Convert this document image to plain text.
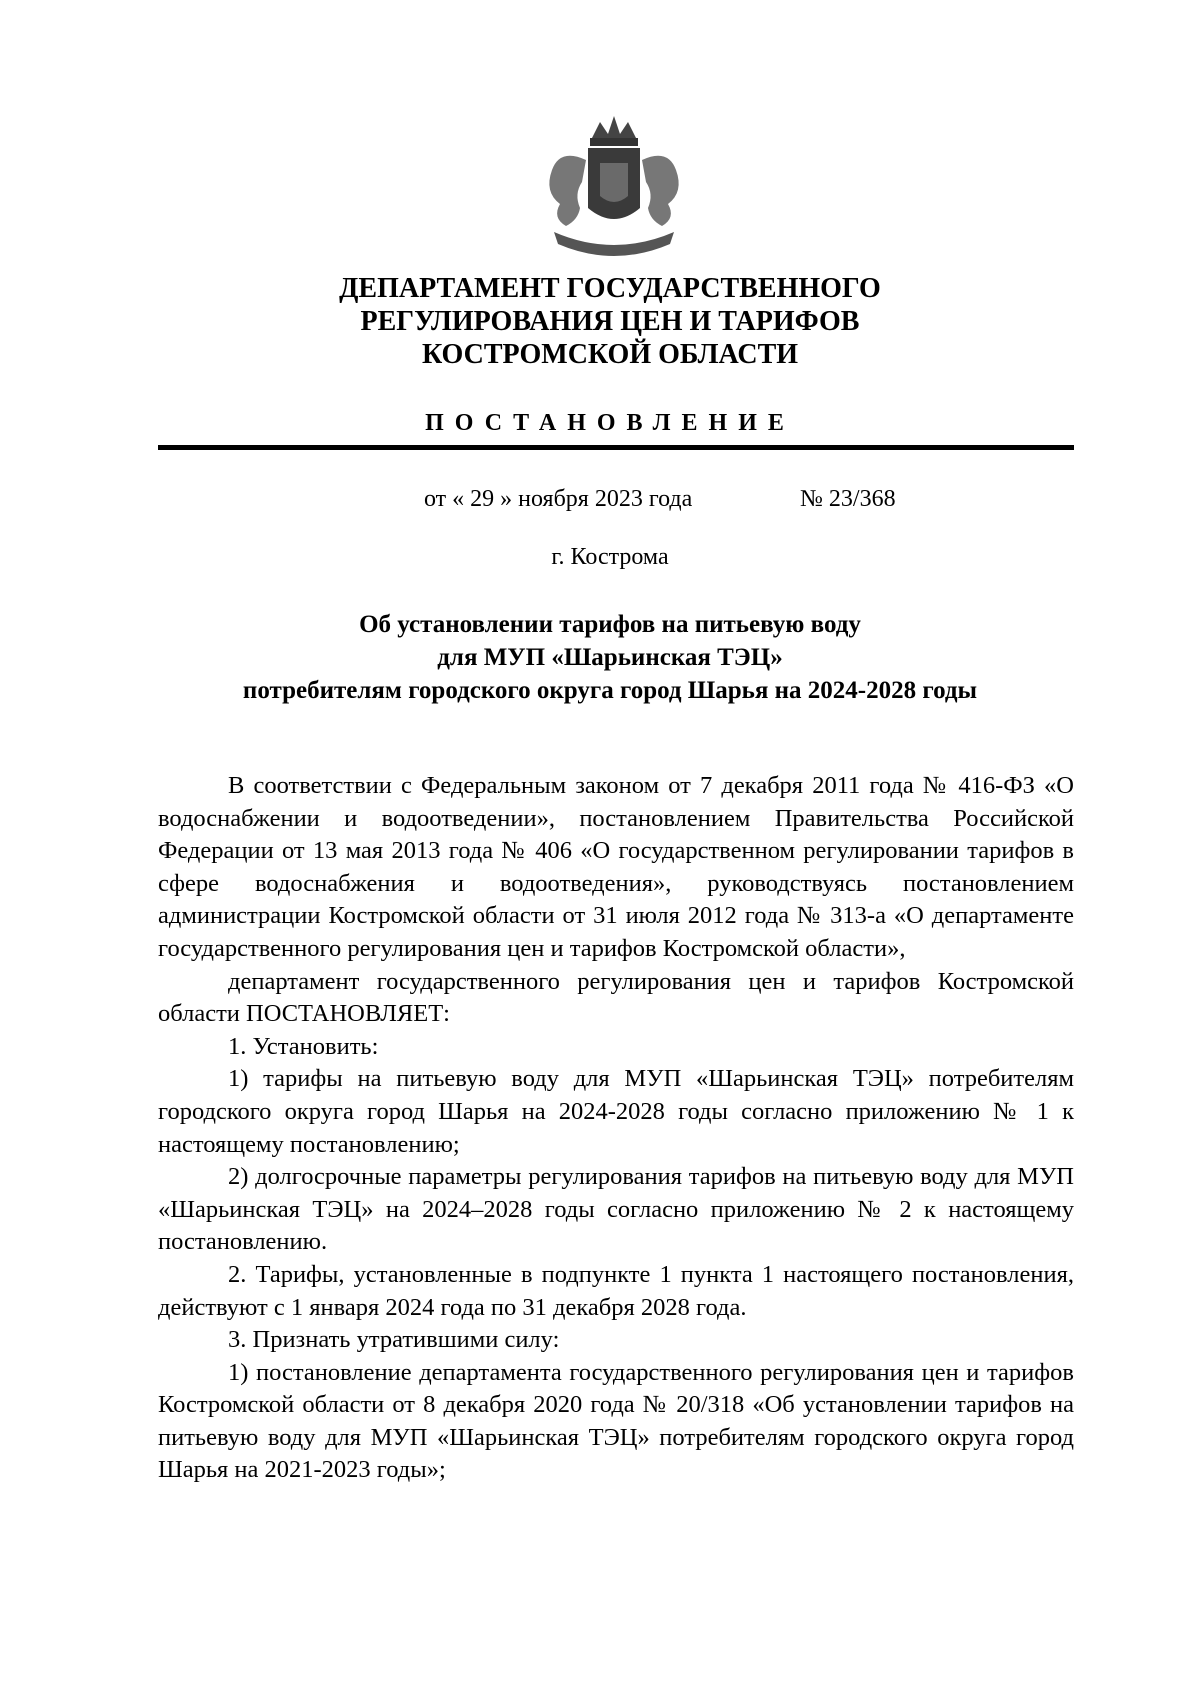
ДЕПАРТАМЕНТ ГОСУДАРСТВЕННОГО
РЕГУЛИРОВАНИЯ ЦЕН И ТАРИФОВ
КОСТРОМСКОЙ ОБЛАСТИ
ПОСТАНОВЛЕНИЕ
от « 29 » ноября 2023 года	№ 23/368
г. Кострома
Об установлении тарифов на питьевую воду
для МУП «Шарьинская ТЭЦ»
потребителям городского округа город Шарья на 2024-2028 годы

В соответствии с Федеральным законом от 7 декабря 2011 года № 416-ФЗ «О водоснабжении и водоотведении», постановлением Правительства Российской Федерации от 13 мая 2013 года № 406 «О государственном регулировании тарифов в сфере водоснабжения и водоотведения», руководствуясь постановлением администрации Костромской области от 31 июля 2012 года № 313-а «О департаменте государственного регулирования цен и тарифов Костромской области»,

департамент государственного регулирования цен и тарифов Костромской области ПОСТАНОВЛЯЕТ:

1. Установить:

1) тарифы на питьевую воду для МУП «Шарьинская ТЭЦ» потребителям городского округа город Шарья на 2024-2028 годы согласно приложению № 1 к настоящему постановлению;

2) долгосрочные параметры регулирования тарифов на питьевую воду для МУП «Шарьинская ТЭЦ» на 2024–2028 годы согласно приложению № 2 к настоящему постановлению.

2. Тарифы, установленные в подпункте 1 пункта 1 настоящего постановления, действуют с 1 января 2024 года по 31 декабря 2028 года.

3. Признать утратившими силу:

1) постановление департамента государственного регулирования цен и тарифов Костромской области от 8 декабря 2020 года № 20/318 «Об установлении тарифов на питьевую воду для МУП «Шарьинская ТЭЦ» потребителям городского округа город Шарья на 2021-2023 годы»;
